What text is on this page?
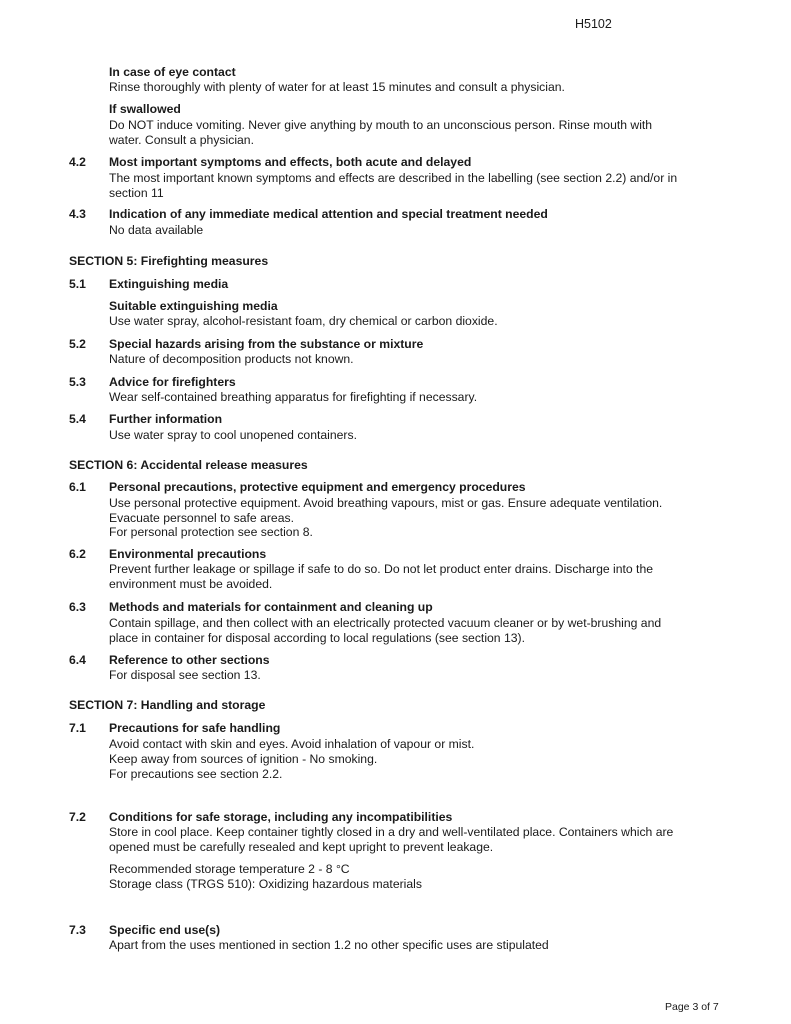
H5102
In case of eye contact
Rinse thoroughly with plenty of water for at least 15 minutes and consult a physician.
If swallowed
Do NOT induce vomiting. Never give anything by mouth to an unconscious person. Rinse mouth with
water. Consult a physician.
4.2 Most important symptoms and effects, both acute and delayed
The most important known symptoms and effects are described in the labelling (see section 2.2) and/or in
section 11
4.3 Indication of any immediate medical attention and special treatment needed
No data available
SECTION 5: Firefighting measures
5.1 Extinguishing media
Suitable extinguishing media
Use water spray, alcohol-resistant foam, dry chemical or carbon dioxide.
5.2 Special hazards arising from the substance or mixture
Nature of decomposition products not known.
5.3 Advice for firefighters
Wear self-contained breathing apparatus for firefighting if necessary.
5.4 Further information
Use water spray to cool unopened containers.
SECTION 6: Accidental release measures
6.1 Personal precautions, protective equipment and emergency procedures
Use personal protective equipment. Avoid breathing vapours, mist or gas. Ensure adequate ventilation.
Evacuate personnel to safe areas.
For personal protection see section 8.
6.2 Environmental precautions
Prevent further leakage or spillage if safe to do so. Do not let product enter drains. Discharge into the
environment must be avoided.
6.3 Methods and materials for containment and cleaning up
Contain spillage, and then collect with an electrically protected vacuum cleaner or by wet-brushing and
place in container for disposal according to local regulations (see section 13).
6.4 Reference to other sections
For disposal see section 13.
SECTION 7: Handling and storage
7.1 Precautions for safe handling
Avoid contact with skin and eyes. Avoid inhalation of vapour or mist.
Keep away from sources of ignition - No smoking.
For precautions see section 2.2.
7.2 Conditions for safe storage, including any incompatibilities
Store in cool place. Keep container tightly closed in a dry and well-ventilated place. Containers which are
opened must be carefully resealed and kept upright to prevent leakage.
Recommended storage temperature 2 - 8 °C
Storage class (TRGS 510): Oxidizing hazardous materials
7.3 Specific end use(s)
Apart from the uses mentioned in section 1.2 no other specific uses are stipulated
Page 3 of 7
